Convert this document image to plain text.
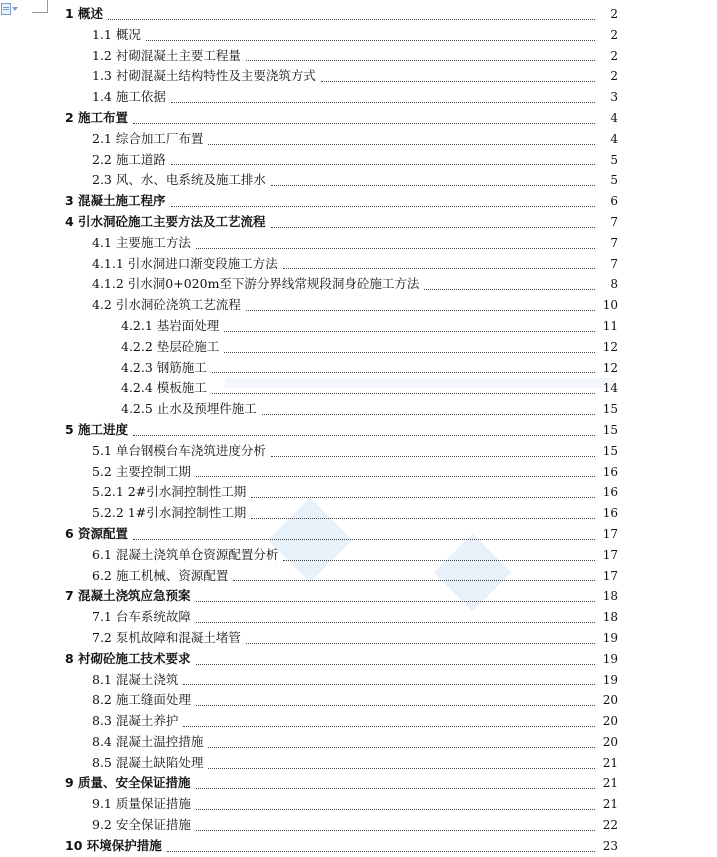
1 概述	2
1.1 概况	2
1.2 衬砌混凝土主要工程量	2
1.3 衬砌混凝土结构特性及主要浇筑方式	2
1.4 施工依据	3
2 施工布置	4
2.1 综合加工厂布置	4
2.2 施工道路	5
2.3 风、水、电系统及施工排水	5
3 混凝土施工程序	6
4 引水洞砼施工主要方法及工艺流程	7
4.1 主要施工方法	7
4.1.1 引水洞进口渐变段施工方法	7
4.1.2 引水洞0+020m至下游分界线常规段洞身砼施工方法	8
4.2 引水洞砼浇筑工艺流程	10
4.2.1 基岩面处理	11
4.2.2 垫层砼施工	12
4.2.3 钢筋施工	12
4.2.4 模板施工	14
4.2.5 止水及预埋件施工	15
5 施工进度	15
5.1 单台钢模台车浇筑进度分析	15
5.2 主要控制工期	16
5.2.1 2#引水洞控制性工期	16
5.2.2 1#引水洞控制性工期	16
6 资源配置	17
6.1 混凝土浇筑单仓资源配置分析	17
6.2 施工机械、资源配置	17
7 混凝土浇筑应急预案	18
7.1 台车系统故障	18
7.2 泵机故障和混凝土堵管	19
8 衬砌砼施工技术要求	19
8.1 混凝土浇筑	19
8.2 施工缝面处理	20
8.3 混凝土养护	20
8.4 混凝土温控措施	20
8.5 混凝土缺陷处理	21
9 质量、安全保证措施	21
9.1 质量保证措施	21
9.2 安全保证措施	22
10 环境保护措施	23
